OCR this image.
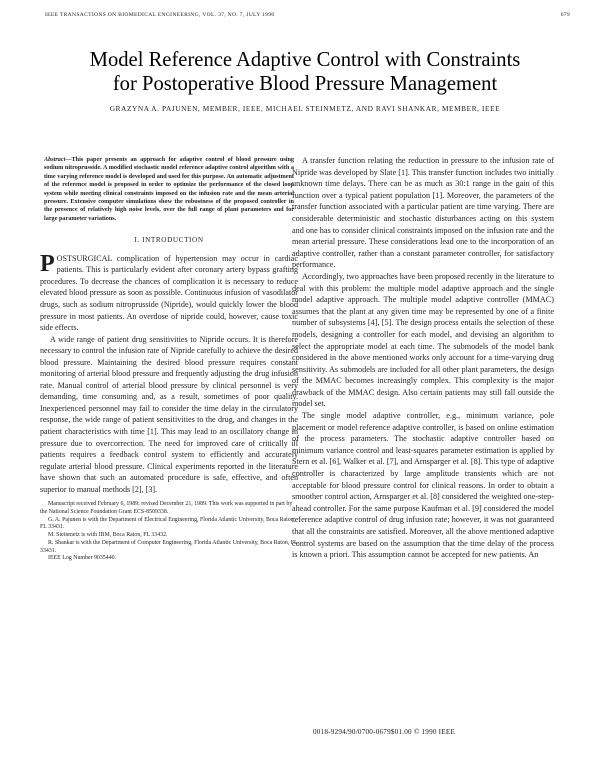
IEEE TRANSACTIONS ON BIOMEDICAL ENGINEERING, VOL. 37, NO. 7, JULY 1990	679
Model Reference Adaptive Control with Constraints
for Postoperative Blood Pressure Management
GRAZYNA A. PAJUNEN, MEMBER, IEEE, MICHAEL STEINMETZ, AND RAVI SHANKAR, MEMBER, IEEE

Abstract—This paper presents an approach for adaptive control of blood pressure using sodium nitroprusside. A modified stochastic model reference adaptive control algorithm with a time varying reference model is developed and used for this purpose. An automatic adjustment of the reference model is proposed in order to optimize the performance of the closed loop system while meeting clinical constraints imposed on the infusion rate and the mean arterial pressure. Extensive computer simulations show the robustness of the proposed controller in the presence of relatively high noise levels, over the full range of plant parameters and for large parameter variations.

I. INTRODUCTION

POSTSURGICAL complication of hypertension may occur in cardiac patients. This is particularly evident after coronary artery bypass grafting procedures. To decrease the chances of complication it is necessary to reduce elevated blood pressure as soon as possible. Continuous infusion of vasodilator drugs, such as sodium nitroprusside (Nipride), would quickly lower the blood pressure in most patients. An overdose of nipride could, however, cause toxic side effects.

A wide range of patient drug sensitivities to Nipride occurs. It is therefore necessary to control the infusion rate of Nipride carefully to achieve the desired blood pressure. Maintaining the desired blood pressure requires constant monitoring of arterial blood pressure and frequently adjusting the drug infusion rate. Manual control of arterial blood pressure by clinical personnel is very demanding, time consuming and, as a result, sometimes of poor quality. Inexperienced personnel may fail to consider the time delay in the circulatory response, the wide range of patient sensitivities to the drug, and changes in the patient characteristics with time [1]. This may lead to an oscillatory change in pressure due to overcorrection. The need for improved care of critically ill patients requires a feedback control system to efficiently and accurately regulate arterial blood pressure. Clinical experiments reported in the literature have shown that such an automated procedure is safe, effective, and often superior to manual methods [2], [3].

Manuscript received February 6, 1989; revised December 21, 1989. This work was supported in part by the National Science Foundation Grant ECS-8509338.

G. A. Pajunen is with the Department of Electrical Engineering, Florida Atlantic University, Boca Raton, FL 33431.

M. Steinmetz is with IBM, Boca Raton, FL 33432.

R. Shankar is with the Department of Computer Engineering, Florida Atlantic University, Boca Raton, FL 33431.

IEEE Log Number 9035440.

A transfer function relating the reduction in pressure to the infusion rate of Nipride was developed by Slate [1]. This transfer function includes two initially unknown time delays. There can be as much as 30:1 range in the gain of this function over a typical patient population [1]. Moreover, the parameters of the transfer function associated with a particular patient are time varying. There are considerable deterministic and stochastic disturbances acting on this system and one has to consider clinical constraints imposed on the infusion rate and the mean arterial pressure. These considerations lead one to the incorporation of an adaptive controller, rather than a constant parameter controller, for satisfactory performance.

Accordingly, two approaches have been proposed recently in the literature to deal with this problem: the multiple model adaptive approach and the single model adaptive approach. The multiple model adaptive controller (MMAC) assumes that the plant at any given time may be represented by one of a finite number of subsystems [4], [5]. The design process entails the selection of these models, designing a controller for each model, and devising an algorithm to select the appropriate model at each time. The submodels of the model bank considered in the above mentioned works only account for a time-varying drug sensitivity. As submodels are included for all other plant parameters, the design of the MMAC becomes increasingly complex. This complexity is the major drawback of the MMAC design. Also certain patients may still fall outside the model set.

The single model adaptive controller, e.g., minimum variance, pole placement or model reference adaptive controller, is based on online estimation of the process parameters. The stochastic adaptive controller based on minimum variance control and least-squares parameter estimation is applied by Stern et al. [6], Walker et al. [7], and Arnsparger et al. [8]. This type of adaptive controller is characterized by large amplitude transients which are not acceptable for blood pressure control for clinical reasons. In order to obtain a smoother control action, Arnsparger et al. [8] considered the weighted one-step-ahead controller. For the same purpose Kaufman et al. [9] considered the model reference adaptive control of drug infusion rate; however, it was not guaranteed that all the constraints are satisfied. Moreover, all the above mentioned adaptive control systems are based on the assumption that the time delay of the process is known a priori. This assumption cannot be accepted for new patients. An

0018-9294/90/0700-0679$01.00 © 1990 IEEE
